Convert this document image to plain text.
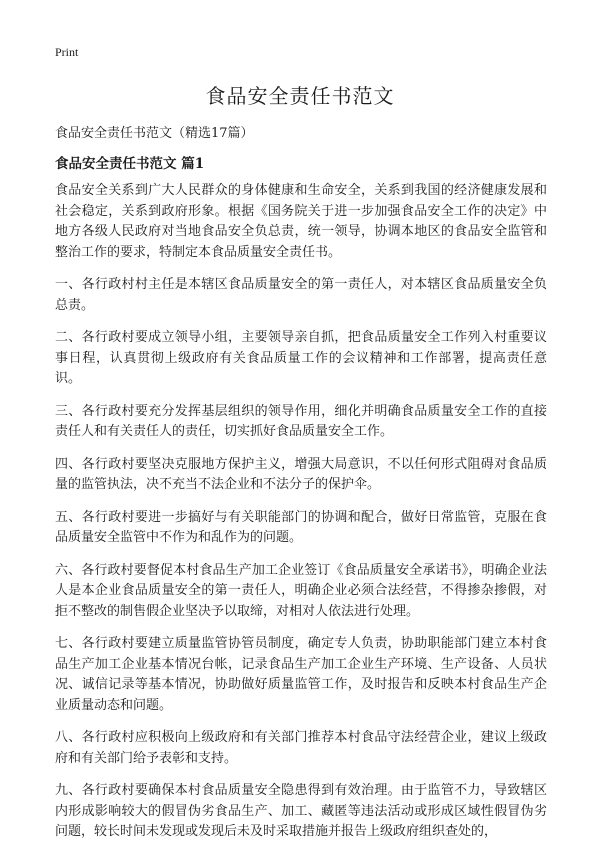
Print
食品安全责任书范文

食品安全责任书范文（精选17篇）

食品安全责任书范文 篇1

食品安全关系到广大人民群众的身体健康和生命安全，关系到我国的经济健康发展和社会稳定，关系到政府形象。根据《国务院关于进一步加强食品安全工作的决定》中地方各级人民政府对当地食品安全负总责，统一领导，协调本地区的食品安全监管和整治工作的要求，特制定本食品质量安全责任书。

一、各行政村村主任是本辖区食品质量安全的第一责任人，对本辖区食品质量安全负总责。

二、各行政村要成立领导小组，主要领导亲自抓，把食品质量安全工作列入村重要议事日程，认真贯彻上级政府有关食品质量工作的会议精神和工作部署，提高责任意识。

三、各行政村要充分发挥基层组织的领导作用，细化并明确食品质量安全工作的直接责任人和有关责任人的责任，切实抓好食品质量安全工作。

四、各行政村要坚决克服地方保护主义，增强大局意识，不以任何形式阻碍对食品质量的监管执法，决不充当不法企业和不法分子的保护伞。

五、各行政村要进一步搞好与有关职能部门的协调和配合，做好日常监管，克服在食品质量安全监管中不作为和乱作为的问题。

六、各行政村要督促本村食品生产加工企业签订《食品质量安全承诺书》，明确企业法人是本企业食品质量安全的第一责任人，明确企业必须合法经营，不得掺杂掺假，对拒不整改的制售假企业坚决予以取缔，对相对人依法进行处理。

七、各行政村要建立质量监管协管员制度，确定专人负责，协助职能部门建立本村食品生产加工企业基本情况台帐，记录食品生产加工企业生产环境、生产设备、人员状况、诚信记录等基本情况，协助做好质量监管工作，及时报告和反映本村食品生产企业质量动态和问题。

八、各行政村应积极向上级政府和有关部门推荐本村食品守法经营企业，建议上级政府和有关部门给予表彰和支持。

九、各行政村要确保本村食品质量安全隐患得到有效治理。由于监管不力，导致辖区内形成影响较大的假冒伪劣食品生产、加工、藏匿等违法活动或形成区域性假冒伪劣问题，较长时间未发现或发现后未及时采取措施并报告上级政府组织查处的，
